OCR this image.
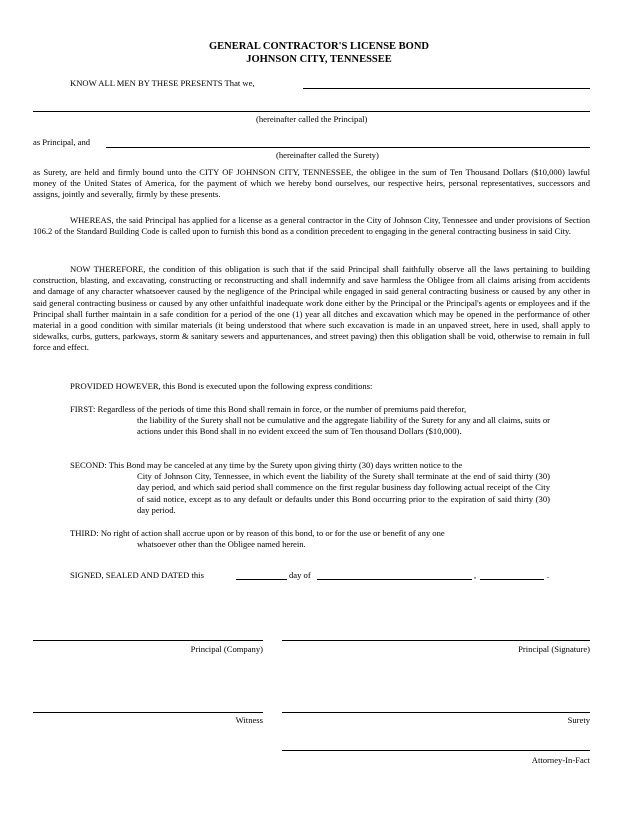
GENERAL CONTRACTOR'S LICENSE BOND
JOHNSON CITY, TENNESSEE
KNOW ALL MEN BY THESE PRESENTS That we,
(hereinafter called the Principal)
as Principal, and
(hereinafter called the Surety)
as Surety, are held and firmly bound unto the CITY OF JOHNSON CITY, TENNESSEE, the obligee in the sum of Ten Thousand Dollars ($10,000) lawful money of the United States of America, for the payment of which we hereby bond ourselves, our respective heirs, personal representatives, successors and assigns, jointly and severally, firmly by these presents.
WHEREAS, the said Principal has applied for a license as a general contractor in the City of Johnson City, Tennessee and under provisions of Section 106.2 of the Standard Building Code is called upon to furnish this bond as a condition precedent to engaging in the general contracting business in said City.
NOW THEREFORE, the condition of this obligation is such that if the said Principal shall faithfully observe all the laws pertaining to building construction, blasting, and excavating, constructing or reconstructing and shall indemnify and save harmless the Obligee from all claims arising from accidents and damage of any character whatsoever caused by the negligence of the Principal while engaged in said general contracting business or caused by any other in said general contracting business or caused by any other unfaithful inadequate work done either by the Principal or the Principal's agents or employees and if the Principal shall further maintain in a safe condition for a period of the one (1) year all ditches and excavation which may be opened in the performance of other material in a good condition with similar materials (it being understood that where such excavation is made in an unpaved street, here in used, shall apply to sidewalks, curbs, gutters, parkways, storm & sanitary sewers and appurtenances, and street paving) then this obligation shall be void, otherwise to remain in full force and effect.
PROVIDED HOWEVER, this Bond is executed upon the following express conditions:
FIRST: Regardless of the periods of time this Bond shall remain in force, or the number of premiums paid therefor,
the liability of the Surety shall not be cumulative and the aggregate liability of the Surety for any and all claims, suits or actions under this Bond shall in no evident exceed the sum of Ten thousand Dollars ($10,000).
SECOND: This Bond may be canceled at any time by the Surety upon giving thirty (30) days written notice to the
City of Johnson City, Tennessee, in which event the liability of the Surety shall terminate at the end of said thirty (30) day period, and which said period shall commence on the first regular business day following actual receipt of the City of said notice, except as to any default or defaults under this Bond occurring prior to the expiration of said thirty (30) day period.
THIRD: No right of action shall accrue upon or by reason of this bond, to or for the use or benefit of any one
whatsoever other than the Obligee named herein.
SIGNED, SEALED AND DATED this	day of	,	.
Principal (Company)	Principal (Signature)
Witness	Surety
Attorney-In-Fact
